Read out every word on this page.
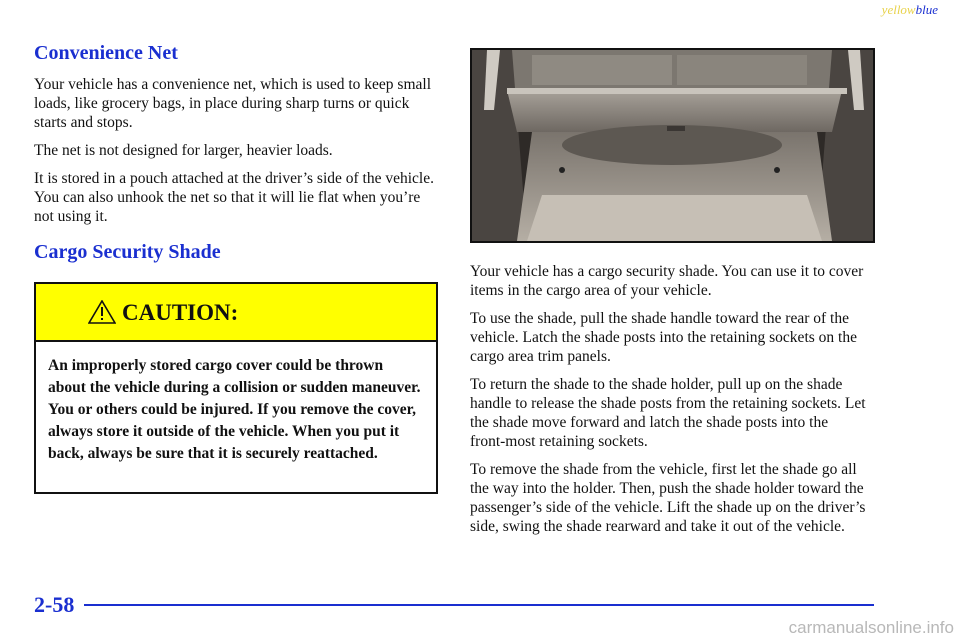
yellowblue
Convenience Net

Your vehicle has a convenience net, which is used to keep small loads, like grocery bags, in place during sharp turns or quick starts and stops.

The net is not designed for larger, heavier loads.

It is stored in a pouch attached at the driver’s side of the vehicle. You can also unhook the net so that it will lie flat when you’re not using it.

Cargo Security Shade
CAUTION:
An improperly stored cargo cover could be thrown about the vehicle during a collision or sudden maneuver. You or others could be injured. If you remove the cover, always store it outside of the vehicle. When you put it back, always be sure that it is securely reattached.

Your vehicle has a cargo security shade. You can use it to cover items in the cargo area of your vehicle.

To use the shade, pull the shade handle toward the rear of the vehicle. Latch the shade posts into the retaining sockets on the cargo area trim panels.

To return the shade to the shade holder, pull up on the shade handle to release the shade posts from the retaining sockets. Let the shade move forward and latch the shade posts into the front‑most retaining sockets.

To remove the shade from the vehicle, first let the shade go all the way into the holder. Then, push the shade holder toward the passenger’s side of the vehicle. Lift the shade up on the driver’s side, swing the shade rearward and take it out of the vehicle.

2-58
carmanualsonline.info
